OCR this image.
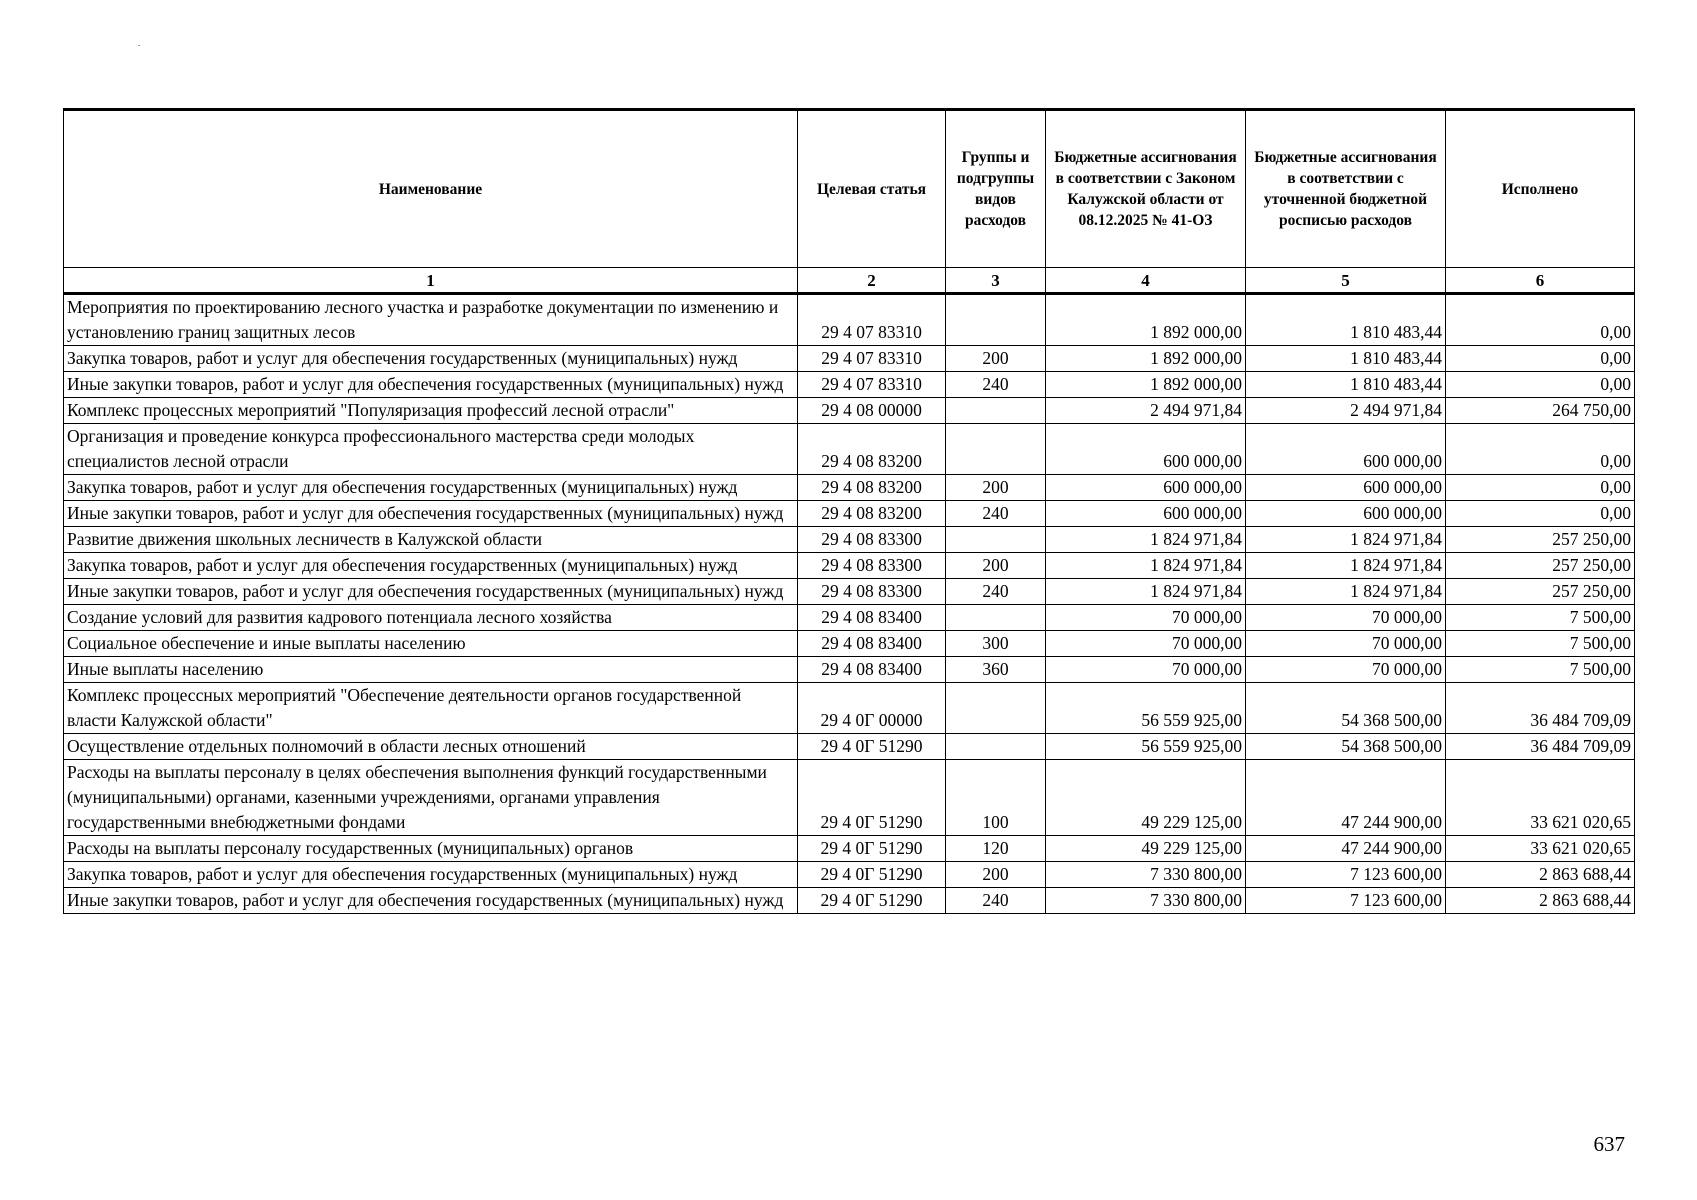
Наименование	Целевая статья	Группы и подгруппы видов расходов	Бюджетные ассигнования в соответствии с Законом Калужской области от 08.12.2025 № 41-ОЗ	Бюджетные ассигнования в соответствии с уточненной бюджетной росписью расходов	Исполнено
1	2	3	4	5	6
Мероприятия по проектированию лесного участка и разработке документации по изменению и установлению границ защитных лесов	29 4 07 83310		1 892 000,00	1 810 483,44	0,00
Закупка товаров, работ и услуг для обеспечения государственных (муниципальных) нужд	29 4 07 83310	200	1 892 000,00	1 810 483,44	0,00
Иные закупки товаров, работ и услуг для обеспечения государственных (муниципальных) нужд	29 4 07 83310	240	1 892 000,00	1 810 483,44	0,00
Комплекс процессных мероприятий "Популяризация профессий лесной отрасли"	29 4 08 00000		2 494 971,84	2 494 971,84	264 750,00
Организация и проведение конкурса профессионального мастерства среди молодых специалистов лесной отрасли	29 4 08 83200		600 000,00	600 000,00	0,00
Закупка товаров, работ и услуг для обеспечения государственных (муниципальных) нужд	29 4 08 83200	200	600 000,00	600 000,00	0,00
Иные закупки товаров, работ и услуг для обеспечения государственных (муниципальных) нужд	29 4 08 83200	240	600 000,00	600 000,00	0,00
Развитие движения школьных лесничеств в Калужской области	29 4 08 83300		1 824 971,84	1 824 971,84	257 250,00
Закупка товаров, работ и услуг для обеспечения государственных (муниципальных) нужд	29 4 08 83300	200	1 824 971,84	1 824 971,84	257 250,00
Иные закупки товаров, работ и услуг для обеспечения государственных (муниципальных) нужд	29 4 08 83300	240	1 824 971,84	1 824 971,84	257 250,00
Создание условий для развития кадрового потенциала лесного хозяйства	29 4 08 83400		70 000,00	70 000,00	7 500,00
Социальное обеспечение и иные выплаты населению	29 4 08 83400	300	70 000,00	70 000,00	7 500,00
Иные выплаты населению	29 4 08 83400	360	70 000,00	70 000,00	7 500,00
Комплекс процессных мероприятий "Обеспечение деятельности органов государственной власти Калужской области"	29 4 0Г 00000		56 559 925,00	54 368 500,00	36 484 709,09
Осуществление отдельных полномочий в области лесных отношений	29 4 0Г 51290		56 559 925,00	54 368 500,00	36 484 709,09
Расходы на выплаты персоналу в целях обеспечения выполнения функций государственными (муниципальными) органами, казенными учреждениями, органами управления государственными внебюджетными фондами	29 4 0Г 51290	100	49 229 125,00	47 244 900,00	33 621 020,65
Расходы на выплаты персоналу государственных (муниципальных) органов	29 4 0Г 51290	120	49 229 125,00	47 244 900,00	33 621 020,65
Закупка товаров, работ и услуг для обеспечения государственных (муниципальных) нужд	29 4 0Г 51290	200	7 330 800,00	7 123 600,00	2 863 688,44
Иные закупки товаров, работ и услуг для обеспечения государственных (муниципальных) нужд	29 4 0Г 51290	240	7 330 800,00	7 123 600,00	2 863 688,44
637
